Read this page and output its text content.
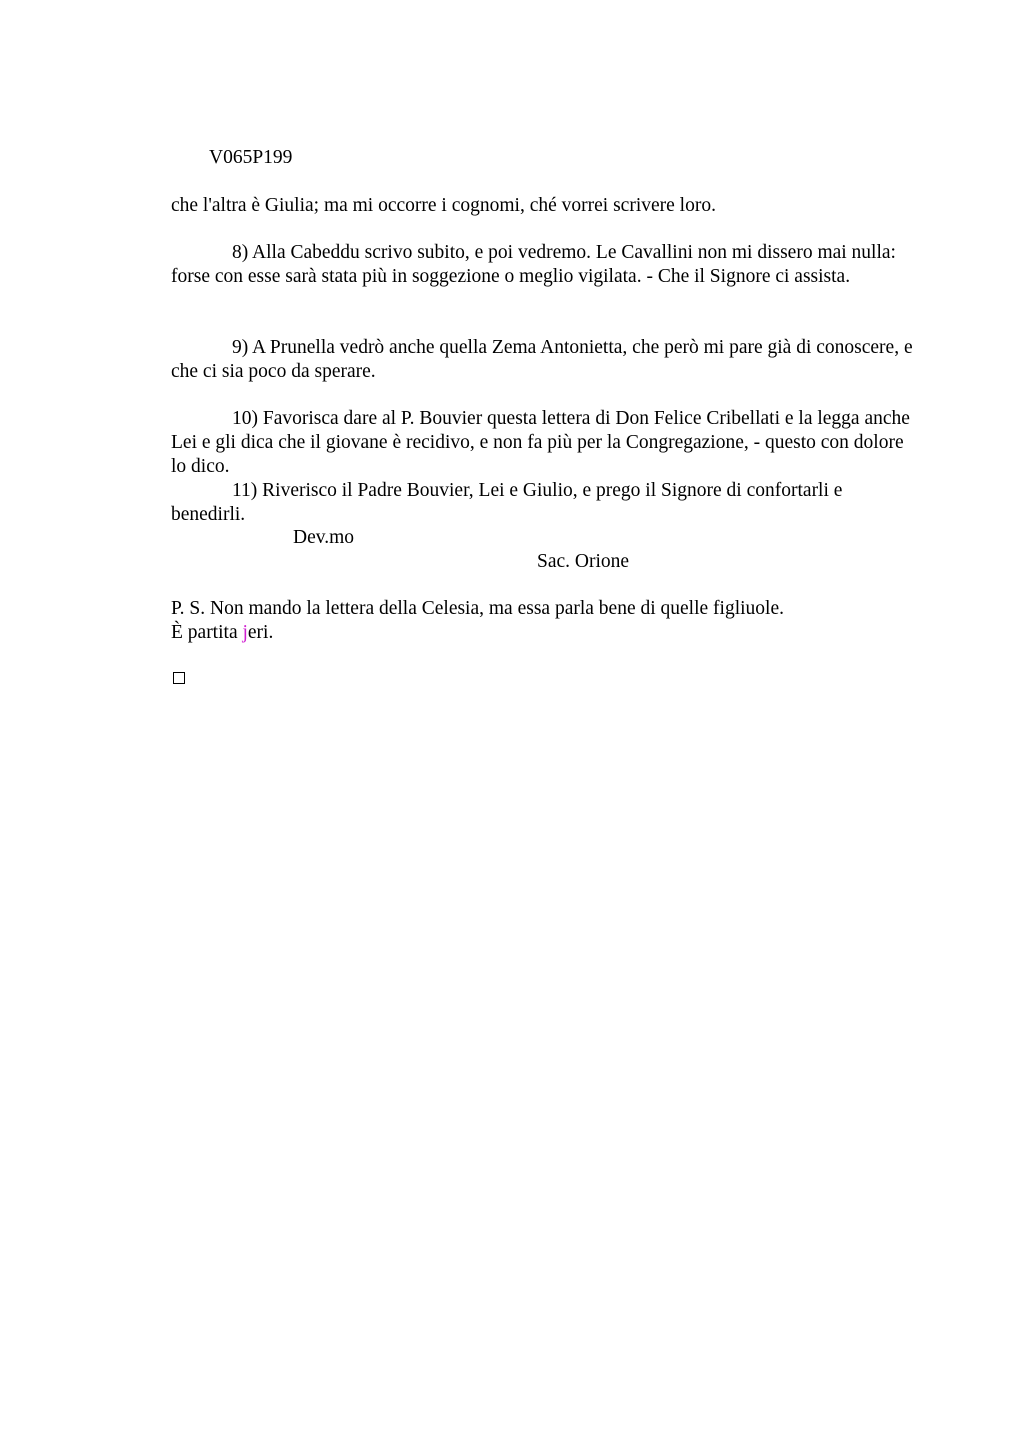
V065P199

che l'altra è Giulia; ma mi occorre i cognomi, ché vorrei scrivere loro.

8) Alla Cabeddu scrivo subito, e poi vedremo. Le Cavallini non mi dissero mai nulla: forse con esse sarà stata più in soggezione o meglio vigilata. - Che il Signore ci assista.

9) A Prunella vedrò anche quella Zema Antonietta, che però mi pare già di conoscere, e che ci sia poco da sperare.

10) Favorisca dare al P. Bouvier questa lettera di Don Felice Cribellati e la legga anche Lei e gli dica che il giovane è recidivo, e non fa più per la Congregazione, - questo con dolore lo dico.

11) Riverisco il Padre Bouvier, Lei e Giulio, e prego il Signore di confortarli e benedirli.

Dev.mo

Sac. Orione

P. S. Non mando la lettera della Celesia, ma essa parla bene di quelle figliuole.
È partita jeri.
